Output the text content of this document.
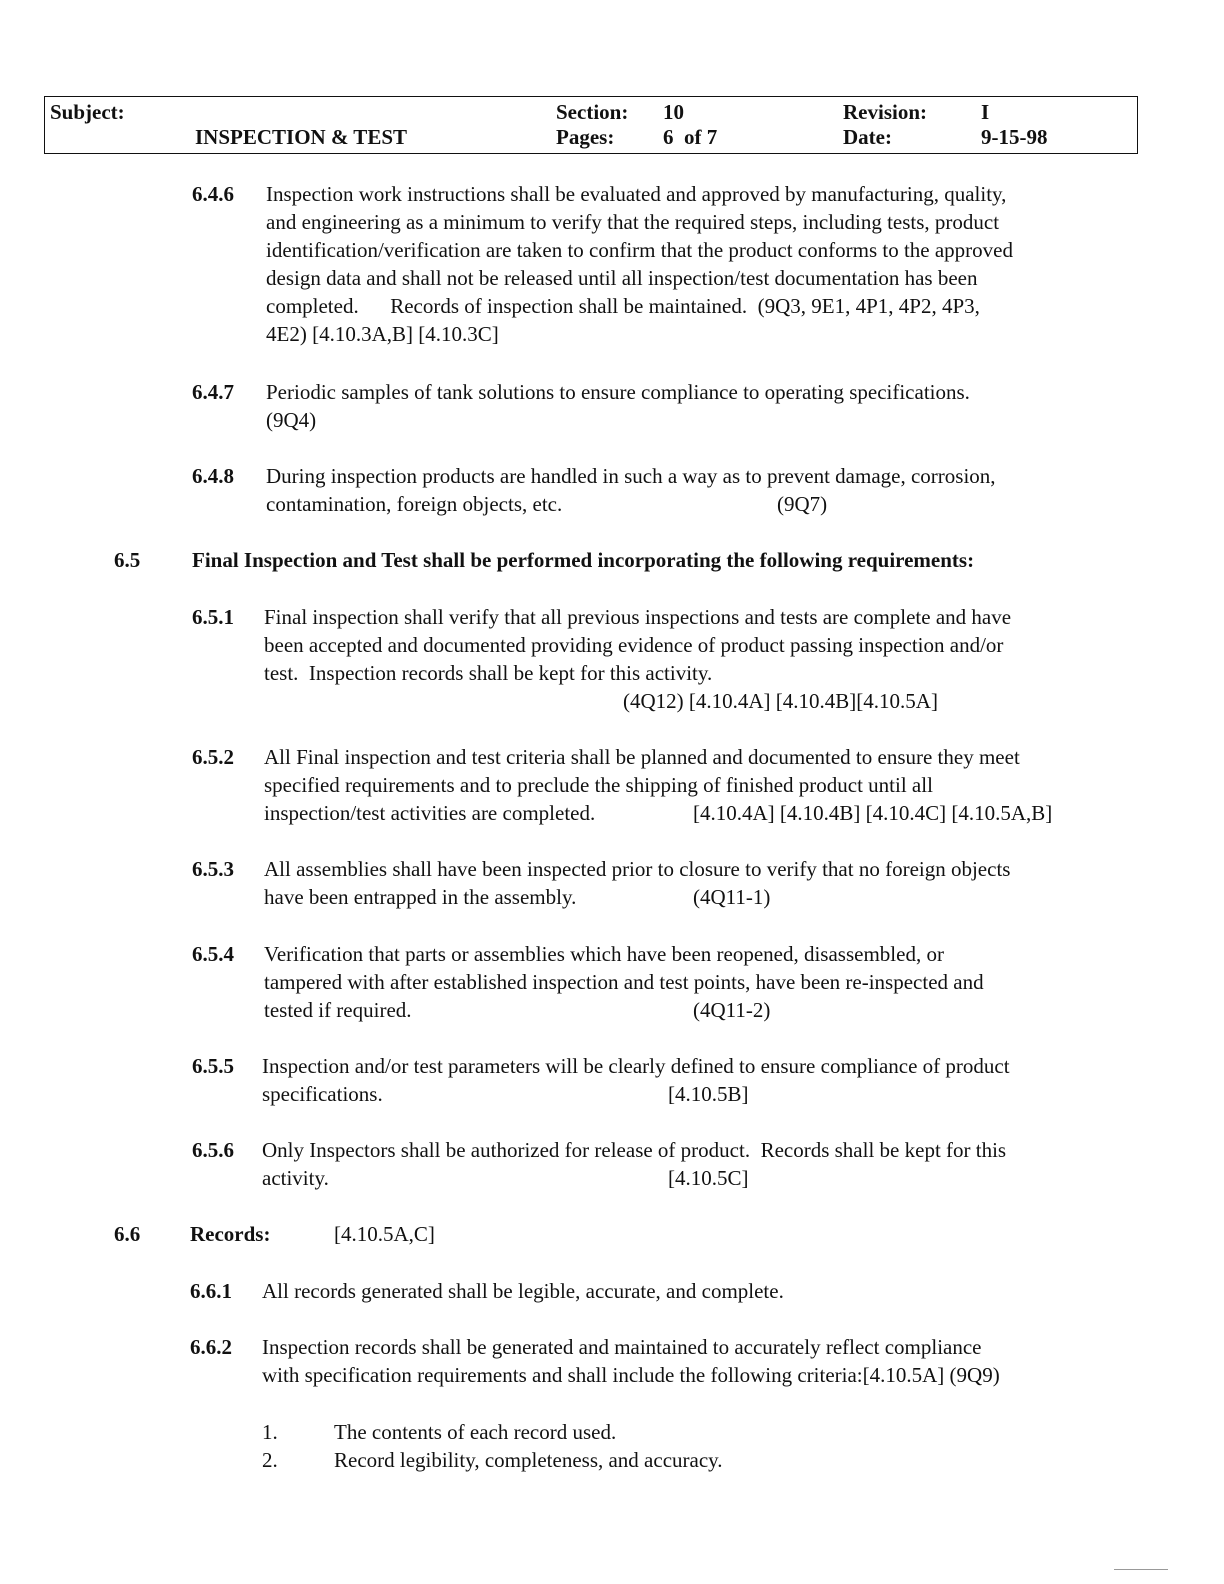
Subject:
INSPECTION & TEST
Section: 10
Pages: 6  of 7
Revision:	I
Date:	9-15-98
6.4.6 Inspection work instructions shall be evaluated and approved by manufacturing, quality,
and engineering as a minimum to verify that the required steps, including tests, product
identification/verification are taken to confirm that the product conforms to the approved
design data and shall not be released until all inspection/test documentation has been
completed.      Records of inspection shall be maintained.  (9Q3, 9E1, 4P1, 4P2, 4P3,
4E2) [4.10.3A,B] [4.10.3C]
6.4.7 Periodic samples of tank solutions to ensure compliance to operating specifications.
(9Q4)
6.4.8 During inspection products are handled in such a way as to prevent damage, corrosion,
contamination, foreign objects, etc.	(9Q7)
6.5 Final Inspection and Test shall be performed incorporating the following requirements:
6.5.1 Final inspection shall verify that all previous inspections and tests are complete and have
been accepted and documented providing evidence of product passing inspection and/or
test.  Inspection records shall be kept for this activity.
(4Q12) [4.10.4A] [4.10.4B][4.10.5A]
6.5.2 All Final inspection and test criteria shall be planned and documented to ensure they meet
specified requirements and to preclude the shipping of finished product until all
inspection/test activities are completed.	[4.10.4A] [4.10.4B] [4.10.4C] [4.10.5A,B]
6.5.3 All assemblies shall have been inspected prior to closure to verify that no foreign objects
have been entrapped in the assembly.	(4Q11-1)
6.5.4 Verification that parts or assemblies which have been reopened, disassembled, or
tampered with after established inspection and test points, have been re-inspected and
tested if required.	(4Q11-2)
6.5.5 Inspection and/or test parameters will be clearly defined to ensure compliance of product
specifications.	[4.10.5B]
6.5.6 Only Inspectors shall be authorized for release of product.  Records shall be kept for this
activity.	[4.10.5C]
6.6 Records:	[4.10.5A,C]
6.6.1 All records generated shall be legible, accurate, and complete.
6.6.2 Inspection records shall be generated and maintained to accurately reflect compliance
with specification requirements and shall include the following criteria:[4.10.5A] (9Q9)
1.	The contents of each record used.
2.	Record legibility, completeness, and accuracy.
